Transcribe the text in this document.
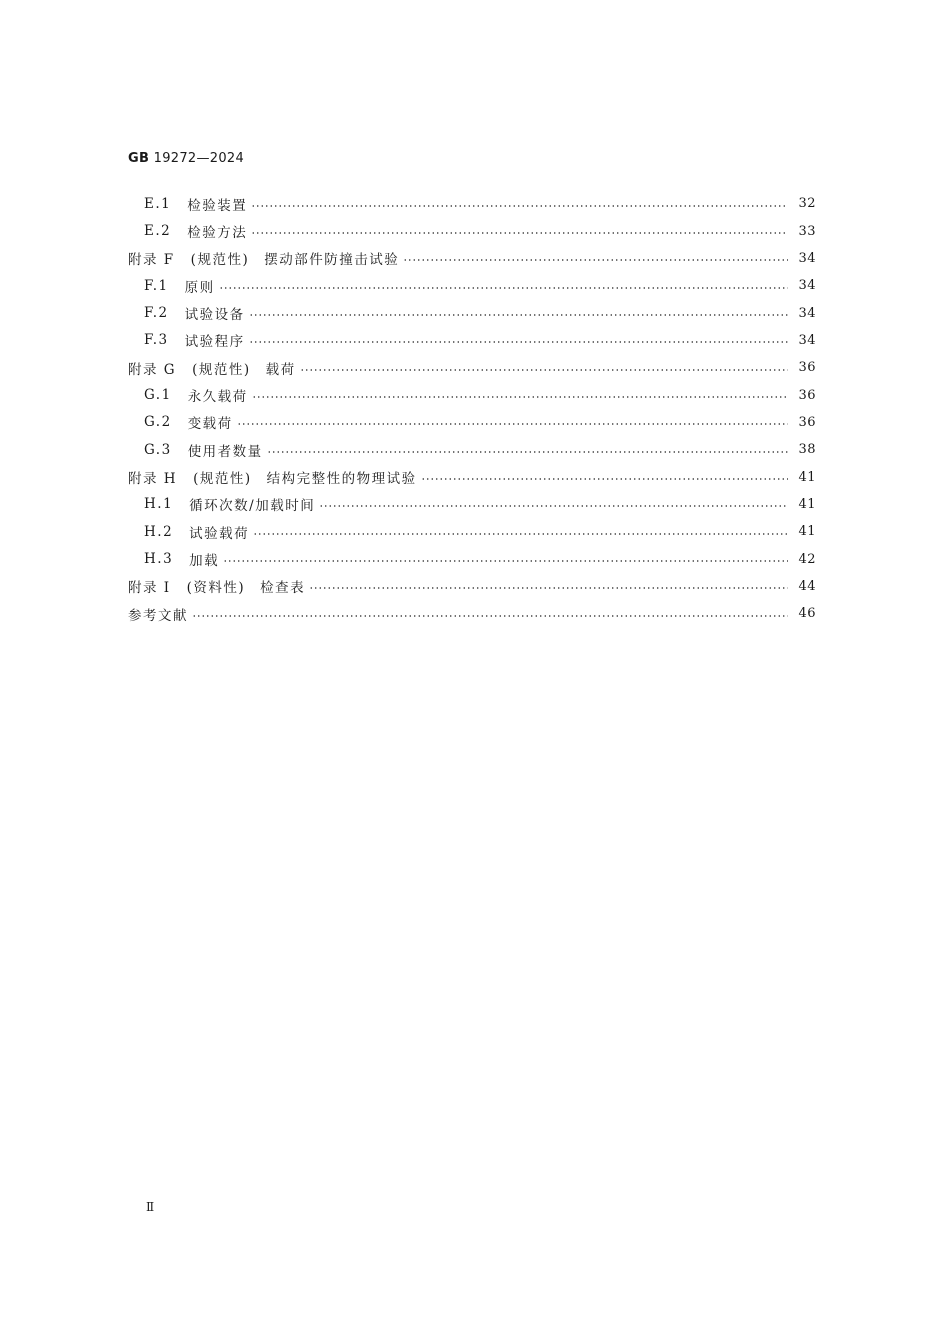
GB 19272—2024
E.1 检验装置	32
E.2 检验方法	33
附录 F (规范性)　摆动部件防撞击试验	34
F.1 原则	34
F.2 试验设备	34
F.3 试验程序	34
附录 G (规范性)　载荷	36
G.1 永久载荷	36
G.2 变载荷	36
G.3 使用者数量	38
附录 H (规范性)　结构完整性的物理试验	41
H.1 循环次数/加载时间	41
H.2 试验载荷	41
H.3 加载	42
附录 I (资料性)　检查表	44
参考文献	46
Ⅱ
